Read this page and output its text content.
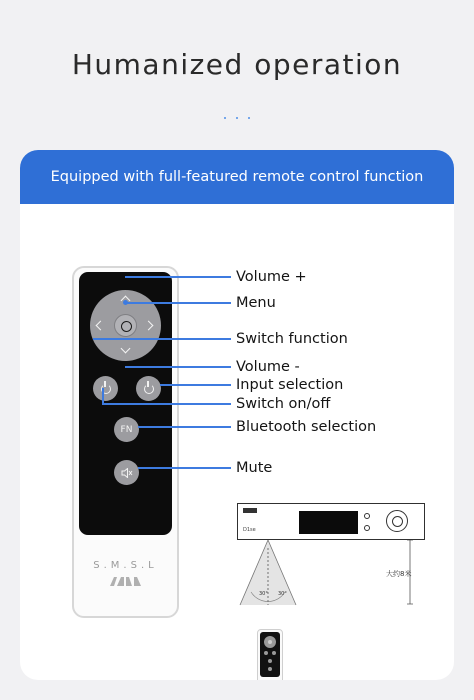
Humanized operation
Equipped with full-featured remote control function
FN
S.M.S.L
Volume +
Menu
Switch function
Volume -
Input selection
Switch on/off
Bluetooth selection
Mute
D1se
30° 30°
大约8米
